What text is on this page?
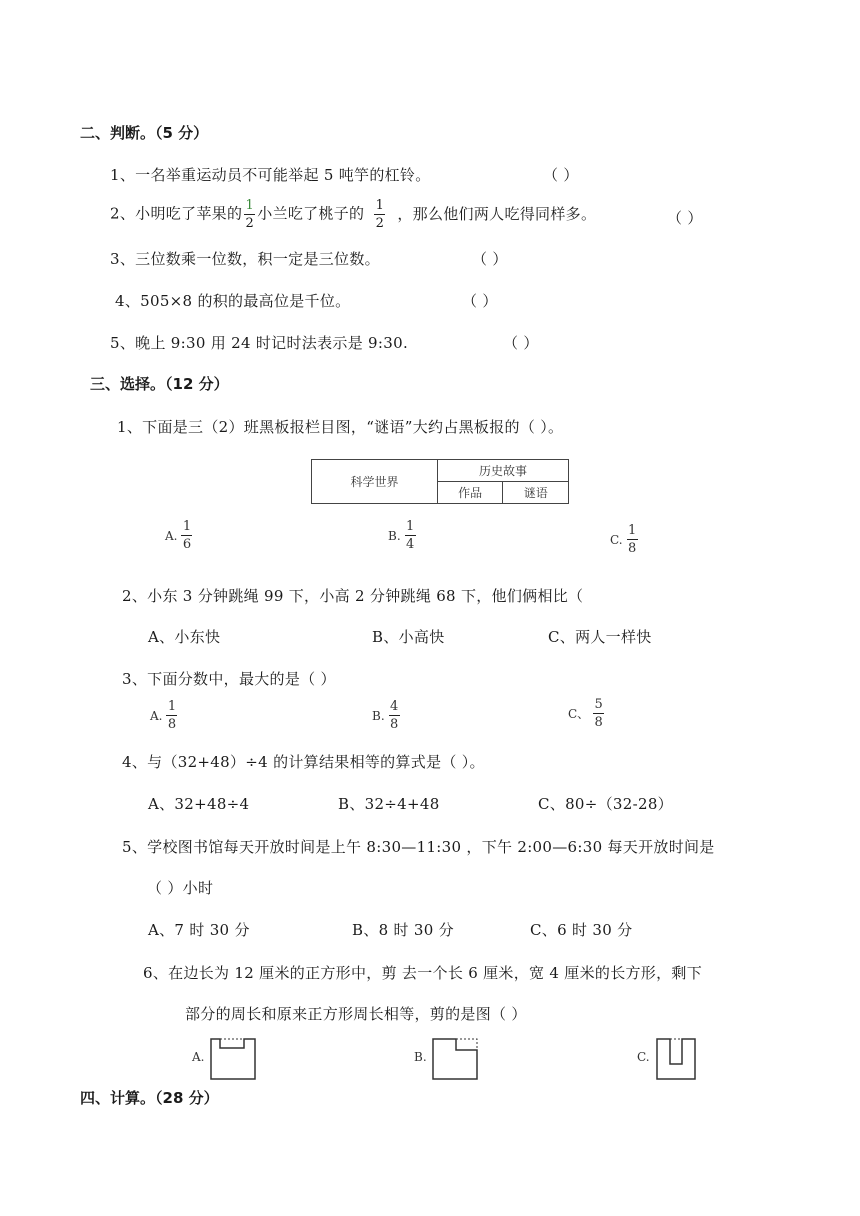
二、判断。（5 分）
1、一名举重运动员不可能举起 5 吨竽的杠铃。	（ ）
2、小明吃了苹果的 $\frac{1}{2}$ 小兰吃了桃子的 $\frac{1}{2}$ ，那么他们两人吃得同样多。	（ ）
3、三位数乘一位数，积一定是三位数。	（ ）
4、505×8 的积的最高位是千位。	（ ）
5、晚上 9:30 用 24 时记时法表示是 9:30.	（ ）
三、选择。（12 分）
1、下面是三（2）班黑板报栏目图，“谜语”大约占黑板报的（ ）。
科学世界	历史故事	
	作品	谜语
A. $\frac{1}{6}$	B. $\frac{1}{4}$	C. $\frac{1}{8}$
2、小东 3 分钟跳绳 99 下，小高 2 分钟跳绳 68 下，他们俩相比（
A、小东快	B、小高快	C、两人一样快
3、下面分数中，最大的是（ ）
A. $\frac{1}{8}$	B. $\frac{4}{8}$	C、 $\frac{5}{8}$
4、与（32+48）÷4 的计算结果相等的算式是（ ）。
A、32+48÷4	B、32÷4+48	C、80÷（32-28）
5、学校图书馆每天开放时间是上午 8:30—11:30 ，下午 2:00—6:30 每天开放时间是
（ ）小时
A、7 时 30 分	B、8 时 30 分	C、6 时 30 分
6、在边长为 12 厘米的正方形中，剪 去一个长 6 厘米，宽 4 厘米的长方形，剩下
部分的周长和原来正方形周长相等，剪的是图（ ）
A.	B.	C.
四、计算。（28 分）
